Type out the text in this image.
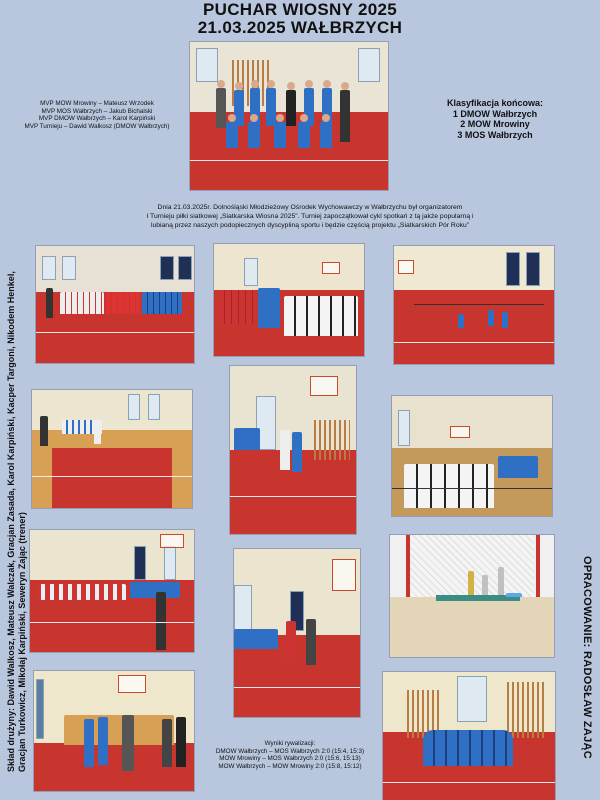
PUCHAR WIOSNY 2025
21.03.2025 WAŁBRZYCH
MVP MOW Mrowiny – Mateusz Wrzodek
MVP MOS Wałbrzych – Jakub Bichalski
MVP DMOW Wałbrzych – Karol Karpiński
MVP Turnieju – Dawid Walkosz (DMOW Wałbrzych)
Klasyfikacja końcowa:
1 DMOW Wałbrzych
2 MOW Mrowiny
3 MOS Wałbrzych
Dnia 21.03.2025r. Dolnośląski Młodzieżowy Ośrodek Wychowawczy w Wałbrzychu był organizatorem
I Turnieju piłki siatkowej „Siatkarska Wiosna 2025”. Turniej zapoczątkował cykl spotkań z tą jakże popularną i
lubianą przez naszych podopiecznych dyscypliną sportu i będzie częścią projektu „Siatkarskich Pór Roku”
Skład drużyny: Dawid Walkosz, Mateusz Walczak, Gracjan Zasada, Karol Karpiński, Kacper Targoni, Nikodem Henkel, Gracjan Turkowicz, Mikołaj Karpiński, Seweryn Zając (trener)	OPRACOWANIE: RADOSŁAW ZAJĄC
Wyniki rywalizacji:
DMOW Wałbrzych – MOS Wałbrzych 2:0 (15:4, 15:3)
MOW Mrowiny – MOS Wałbrzych 2:0 (15:6, 15:13)
MOW Wałbrzych – MOW Mrowiny 2:0 (15:8, 15:12)
